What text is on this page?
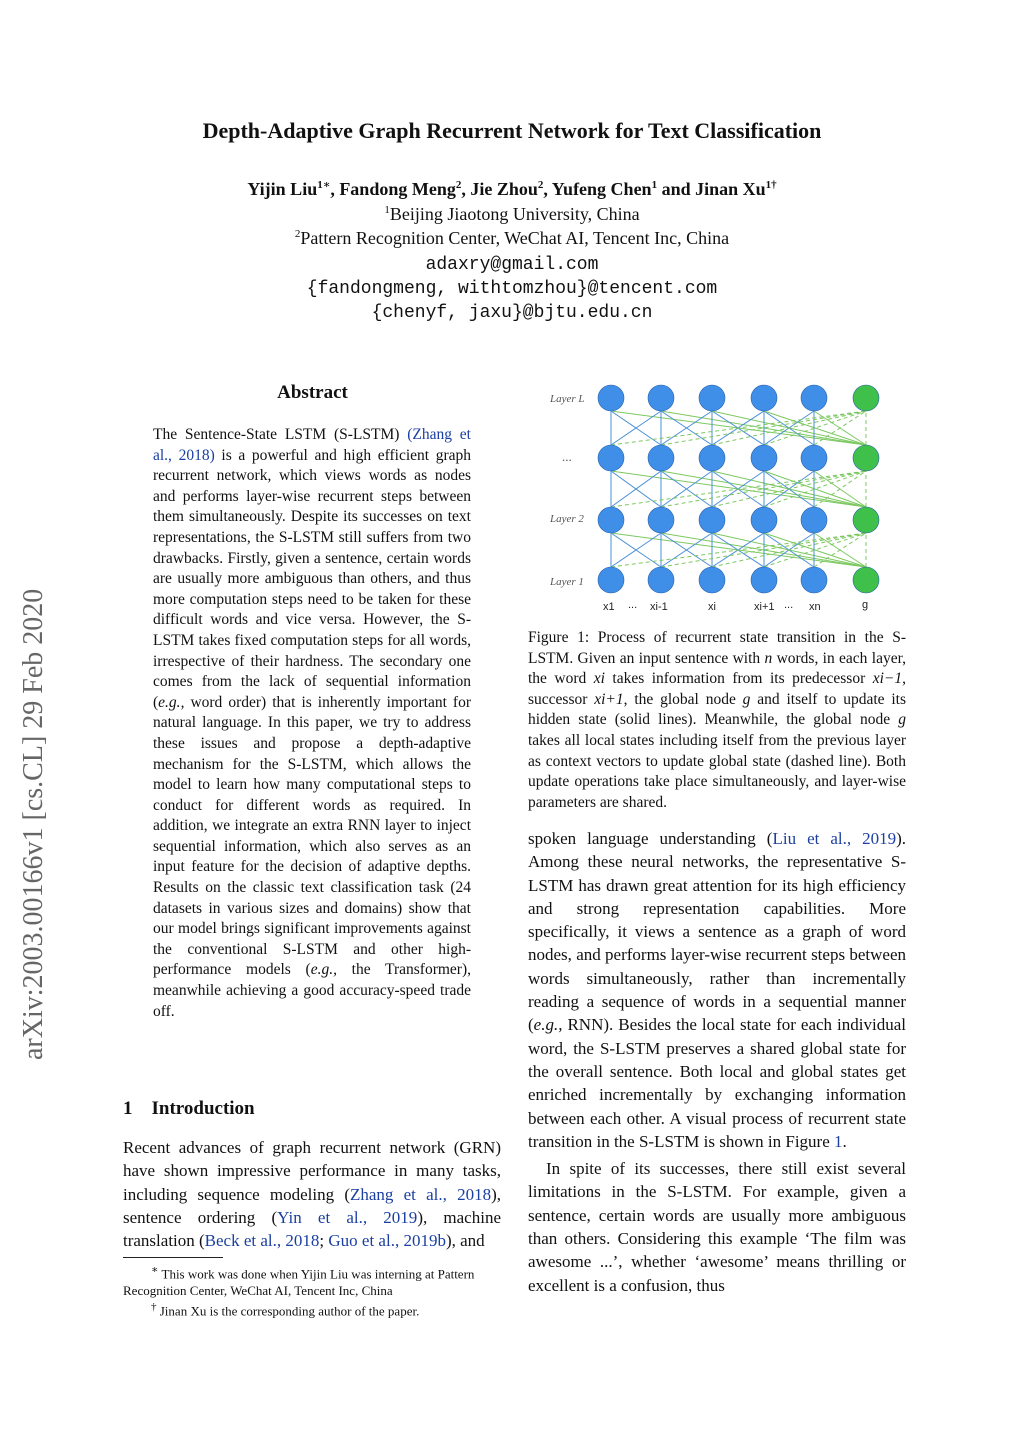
arXiv:2003.00166v1 [cs.CL] 29 Feb 2020
Depth-Adaptive Graph Recurrent Network for Text Classification
Yijin Liu$^{1∗}$, Fandong Meng$^2$, Jie Zhou$^2$, Yufeng Chen$^1$ and Jinan $Xu^{1\dagger}$
$^1$Beijing Jiaotong University, China
$^2$Pattern Recognition Center, WeChat AI, Tencent Inc, China
adaxry@gmail.com
{fandongmeng, withtomzhou}@tencent.com
{chenyf, jaxu}@bjtu.edu.cn
Abstract
The Sentence-State LSTM (S-LSTM) (Zhang et al., 2018) is a powerful and high efficient graph recurrent network, which views words as nodes and performs layer-wise recurrent steps between them simultaneously. Despite its successes on text representations, the S-LSTM still suffers from two drawbacks. Firstly, given a sentence, certain words are usually more ambiguous than others, and thus more computation steps need to be taken for these difficult words and vice versa. However, the S-LSTM takes fixed computation steps for all words, irrespective of their hardness. The secondary one comes from the lack of sequential information (e.g., word order) that is inherently important for natural language. In this paper, we try to address these issues and propose a depth-adaptive mechanism for the S-LSTM, which allows the model to learn how many computational steps to conduct for different words as required. In addition, we integrate an extra RNN layer to inject sequential information, which also serves as an input feature for the decision of adaptive depths. Results on the classic text classification task (24 datasets in various sizes and domains) show that our model brings significant improvements against the conventional S-LSTM and other high-performance models (e.g., the Transformer), meanwhile achieving a good accuracy-speed trade off.
1 Introduction
Recent advances of graph recurrent network (GRN) have shown impressive performance in many tasks, including sequence modeling (Zhang et al., 2018), sentence ordering (Yin et al., 2019), machine translation (Beck et al., 2018; Guo et al., 2019b), and
∗ This work was done when Yijin Liu was interning at Pattern Recognition Center, WeChat AI, Tencent Inc, China
† Jinan Xu is the corresponding author of the paper.
Layer L
...
Layer 2
Layer 1
x1 ... xi-1	xi	xi+1 ... xn	g
Figure 1: Process of recurrent state transition in the S-LSTM. Given an input sentence with n words, in each layer, the word xi takes information from its predecessor xi−1, successor xi+1, the global node g and itself to update its hidden state (solid lines). Meanwhile, the global node g takes all local states including itself from the previous layer as context vectors to update global state (dashed line). Both update operations take place simultaneously, and layer-wise parameters are shared.

spoken language understanding (Liu et al., 2019). Among these neural networks, the representative S-LSTM has drawn great attention for its high efficiency and strong representation capabilities. More specifically, it views a sentence as a graph of word nodes, and performs layer-wise recurrent steps between words simultaneously, rather than incrementally reading a sequence of words in a sequential manner (e.g., RNN). Besides the local state for each individual word, the S-LSTM preserves a shared global state for the overall sentence. Both local and global states get enriched incrementally by exchanging information between each other. A visual process of recurrent state transition in the S-LSTM is shown in Figure 1.

In spite of its successes, there still exist several limitations in the S-LSTM. For example, given a sentence, certain words are usually more ambiguous than others. Considering this example ‘The film was awesome ...’, whether ‘awesome’ means thrilling or excellent is a confusion, thus
